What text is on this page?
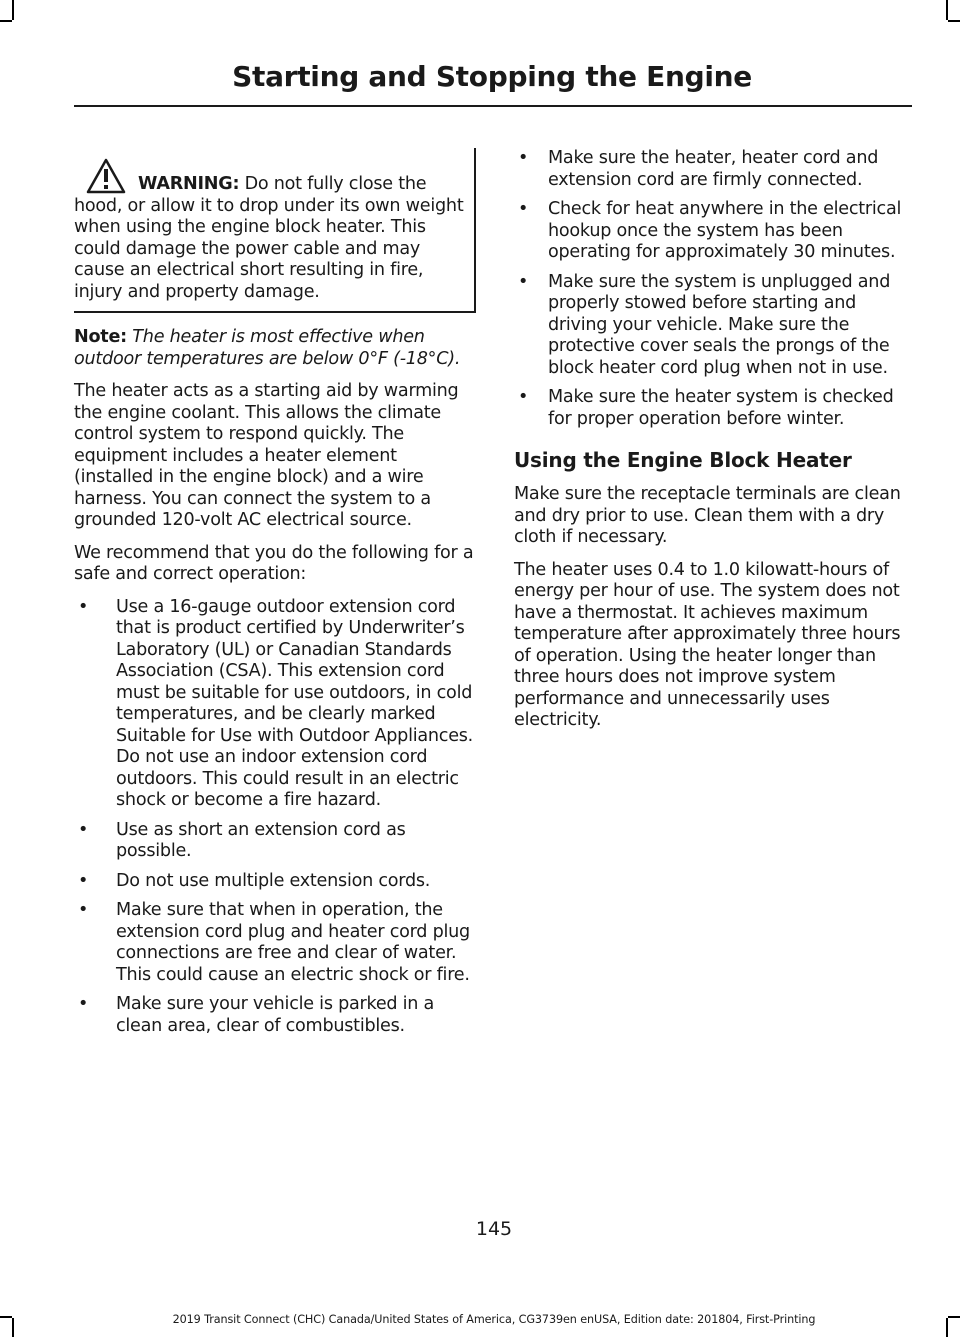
Starting and Stopping the Engine
WARNING: Do not fully close the hood, or allow it to drop under its own weight when using the engine block heater. This could damage the power cable and may cause an electrical short resulting in fire, injury and property damage.

Note: The heater is most effective when outdoor temperatures are below 0°F (-18°C).

The heater acts as a starting aid by warming the engine coolant. This allows the climate control system to respond quickly. The equipment includes a heater element (installed in the engine block) and a wire harness. You can connect the system to a grounded 120-volt AC electrical source.

We recommend that you do the following for a safe and correct operation:

• Use a 16-gauge outdoor extension cord that is product certified by Underwriter’s Laboratory (UL) or Canadian Standards Association (CSA). This extension cord must be suitable for use outdoors, in cold temperatures, and be clearly marked Suitable for Use with Outdoor Appliances. Do not use an indoor extension cord outdoors. This could result in an electric shock or become a fire hazard.
• Use as short an extension cord as possible.
• Do not use multiple extension cords.
• Make sure that when in operation, the extension cord plug and heater cord plug connections are free and clear of water. This could cause an electric shock or fire.
• Make sure your vehicle is parked in a clean area, clear of combustibles.
• Make sure the heater, heater cord and extension cord are firmly connected.
• Check for heat anywhere in the electrical hookup once the system has been operating for approximately 30 minutes.
• Make sure the system is unplugged and properly stowed before starting and driving your vehicle. Make sure the protective cover seals the prongs of the block heater cord plug when not in use.
• Make sure the heater system is checked for proper operation before winter.
Using the Engine Block Heater

Make sure the receptacle terminals are clean and dry prior to use. Clean them with a dry cloth if necessary.

The heater uses 0.4 to 1.0 kilowatt-hours of energy per hour of use. The system does not have a thermostat. It achieves maximum temperature after approximately three hours of operation. Using the heater longer than three hours does not improve system performance and unnecessarily uses electricity.

145
2019 Transit Connect (CHC) Canada/United States of America, CG3739en enUSA, Edition date: 201804, First-Printing
